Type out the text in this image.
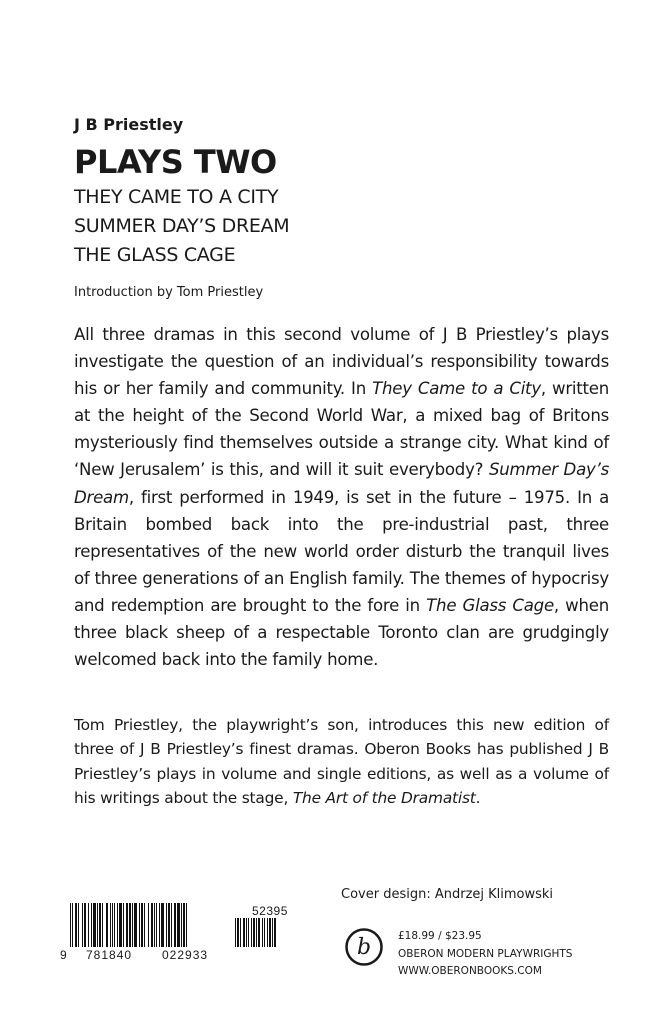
J B Priestley
PLAYS TWO
THEY CAME TO A CITY
SUMMER DAY’S DREAM
THE GLASS CAGE
Introduction by Tom Priestley
All three dramas in this second volume of J B Priestley’s plays investigate the question of an individual’s responsibility towards his or her family and community. In They Came to a City, written at the height of the Second World War, a mixed bag of Britons mysteriously find themselves outside a strange city. What kind of ‘New Jerusalem’ is this, and will it suit everybody? Summer Day’s Dream, first performed in 1949, is set in the future – 1975. In a Britain bombed back into the pre-industrial past, three representatives of the new world order disturb the tranquil lives of three generations of an English family. The themes of hypocrisy and redemption are brought to the fore in The Glass Cage, when three black sheep of a respectable Toronto clan are grudgingly welcomed back into the family home.
Tom Priestley, the playwright’s son, introduces this new edition of three of J B Priestley’s finest dramas. Oberon Books has published J B Priestley’s plays in volume and single editions, as well as a volume of his writings about the stage, The Art of the Dramatist.
Cover design: Andrzej Klimowski
9 781840 022933
52395
b	£18.99 / $23.95
OBERON MODERN PLAYWRIGHTS
WWW.OBERONBOOKS.COM
